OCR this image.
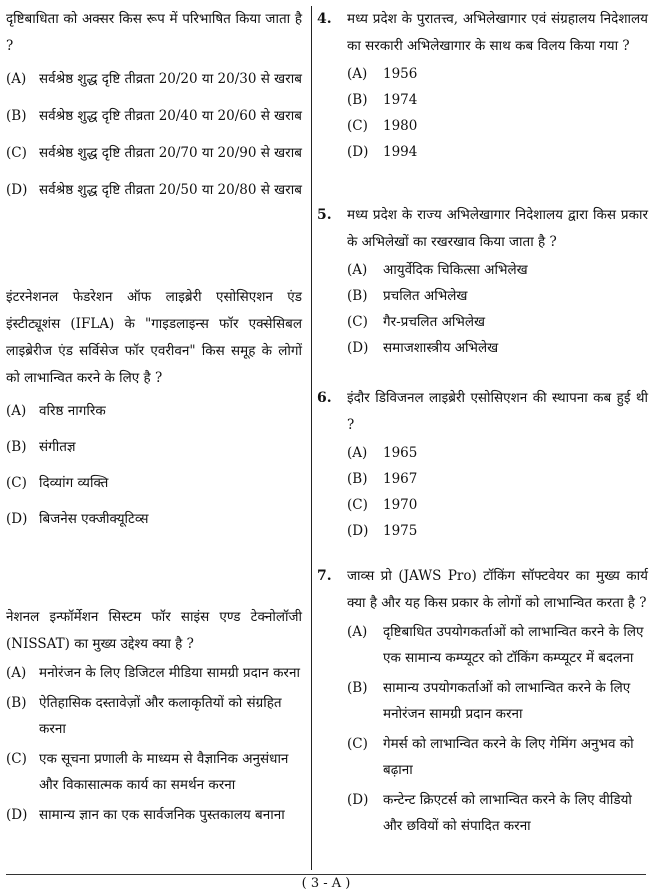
दृष्टिबाधिता को अक्सर किस रूप में परिभाषित किया जाता है ?
(A) सर्वश्रेष्ठ शुद्ध दृष्टि तीव्रता 20/20 या 20/30 से खराब
(B) सर्वश्रेष्ठ शुद्ध दृष्टि तीव्रता 20/40 या 20/60 से खराब
(C) सर्वश्रेष्ठ शुद्ध दृष्टि तीव्रता 20/70 या 20/90 से खराब
(D) सर्वश्रेष्ठ शुद्ध दृष्टि तीव्रता 20/50 या 20/80 से खराब
इंटरनेशनल फेडरेशन ऑफ लाइब्रेरी एसोसिएशन एंड इंस्टीट्यूशंस (IFLA) के "गाइडलाइन्स फॉर एक्सेसिबल लाइब्रेरीज एंड सर्विसेज फॉर एवरीवन" किस समूह के लोगों को लाभान्वित करने के लिए है ?
(A) वरिष्ठ नागरिक
(B) संगीतज्ञ
(C) दिव्यांग व्यक्ति
(D) बिजनेस एक्जीक्यूटिव्स
नेशनल इन्फॉर्मेशन सिस्टम फॉर साइंस एण्ड टेक्नोलॉजी (NISSAT) का मुख्य उद्देश्य क्या है ?
(A) मनोरंजन के लिए डिजिटल मीडिया सामग्री प्रदान करना
(B) ऐतिहासिक दस्तावेज़ों और कलाकृतियों को संग्रहित करना
(C) एक सूचना प्रणाली के माध्यम से वैज्ञानिक अनुसंधान और विकासात्मक कार्य का समर्थन करना
(D) सामान्य ज्ञान का एक सार्वजनिक पुस्तकालय बनाना
4. मध्य प्रदेश के पुरातत्त्व, अभिलेखागार एवं संग्रहालय निदेशालय का सरकारी अभिलेखागार के साथ कब विलय किया गया ?
(A)	1956
(B)	1974
(C)	1980
(D)	1994
5. मध्य प्रदेश के राज्य अभिलेखागार निदेशालय द्वारा किस प्रकार के अभिलेखों का रखरखाव किया जाता है ?
(A)	आयुर्वेदिक चिकित्सा अभिलेख
(B)	प्रचलित अभिलेख
(C)	गैर-प्रचलित अभिलेख
(D)	समाजशास्त्रीय अभिलेख
6. इंदौर डिविजनल लाइब्रेरी एसोसिएशन की स्थापना कब हुई थी ?
(A)	1965
(B)	1967
(C)	1970
(D)	1975
7. जाव्स प्रो (JAWS Pro) टॉकिंग सॉफ्टवेयर का मुख्य कार्य क्या है और यह किस प्रकार के लोगों को लाभान्वित करता है ?
(A)	दृष्टिबाधित उपयोगकर्ताओं को लाभान्वित करने के लिए एक सामान्य कम्प्यूटर को टॉकिंग कम्प्यूटर में बदलना
(B)	सामान्य उपयोगकर्ताओं को लाभान्वित करने के लिए मनोरंजन सामग्री प्रदान करना
(C)	गेमर्स को लाभान्वित करने के लिए गेमिंग अनुभव को बढ़ाना
(D)	कन्टेन्ट क्रिएटर्स को लाभान्वित करने के लिए वीडियो और छवियों को संपादित करना
( 3 - A )
